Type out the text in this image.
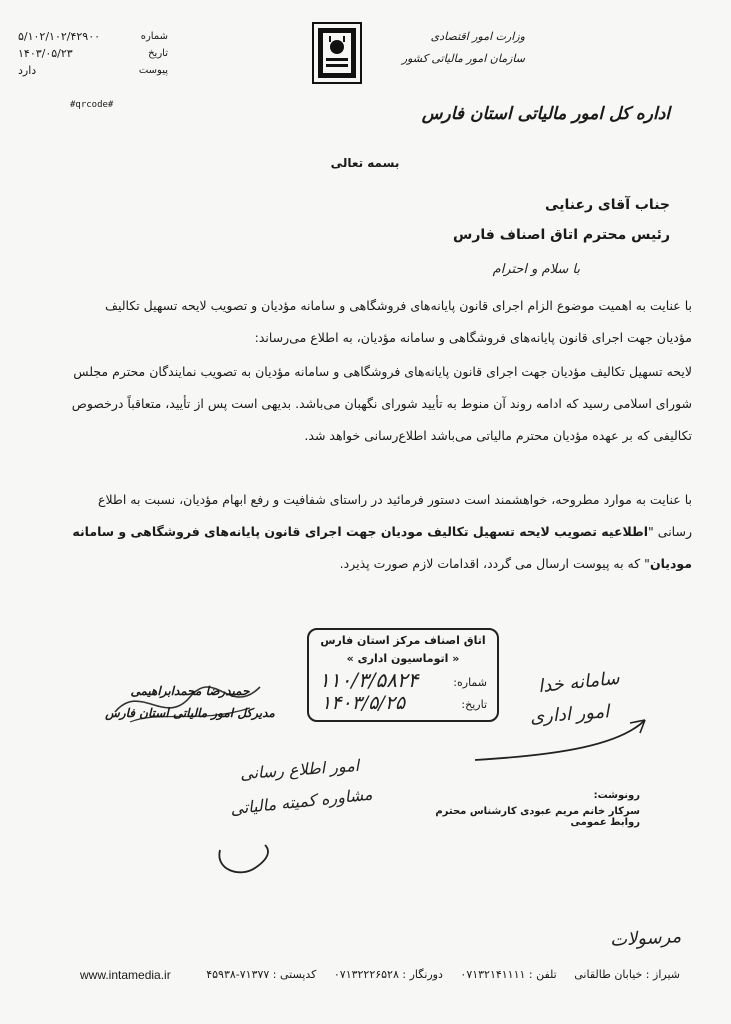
شماره
۵/۱۰۲/۱۰۲/۴۲۹۰۰
تاریخ
۱۴۰۳/۰۵/۲۳
پیوست
دارد
#qrcode#
وزارت امور اقتصادی
سازمان امور مالیاتی کشور
اداره کل امور مالیاتی استان فارس
بسمه تعالی
جناب آقای رعنایی
رئیس محترم اتاق اصناف فارس
با سلام و احترام
با عنایت به اهمیت موضوع الزام اجرای قانون پایانه‌های فروشگاهی و سامانه مؤدیان و تصویب لایحه تسهیل تکالیف مؤدیان جهت اجرای قانون پایانه‌های فروشگاهی و سامانه مؤدیان، به اطلاع می‌رساند:
لایحه تسهیل تکالیف مؤدیان جهت اجرای قانون پایانه‌های فروشگاهی و سامانه مؤدیان به تصویب نمایندگان محترم مجلس شورای اسلامی رسید که ادامه روند آن منوط به تأیید شورای نگهبان می‌باشد. بدیهی است پس از تأیید، متعاقباً درخصوص تکالیفی که بر عهده مؤدیان محترم مالیاتی می‌باشد اطلاع‌رسانی خواهد شد.
با عنایت به موارد مطروحه، خواهشمند است دستور فرمائید در راستای شفافیت و رفع ابهام مؤدیان، نسبت به اطلاع رسانی "اطلاعیه تصویب لایحه تسهیل تکالیف مودیان جهت اجرای قانون پایانه‌های فروشگاهی و سامانه مودیان" که به پیوست ارسال می گردد، اقدامات لازم صورت پذیرد.
اتاق اصناف مرکز استان فارس
« اتوماسیون اداری »
شماره:
۱۱۰/۳/۵۸۲۴
تاریخ:
۱۴۰۳/۵/۲۵
حمیدرضا محمدابراهیمی
مدیرکل امور مالیاتی استان فارس
سامانه خدا
امور اداری
امور اطلاع رسانی
مشاوره کمیته مالیاتی
مرسولات
رونوشت:
سرکار خانم مریم عبودی کارشناس محترم روابط عمومی
www.intamedia.ir	شیراز : خیابان طالقانی تلفن : ۰۷۱۳۲۱۴۱۱۱۱ دورنگار : ۰۷۱۳۲۲۲۶۵۲۸ کدپستی : ۷۱۳۷۷-۴۵۹۳۸
